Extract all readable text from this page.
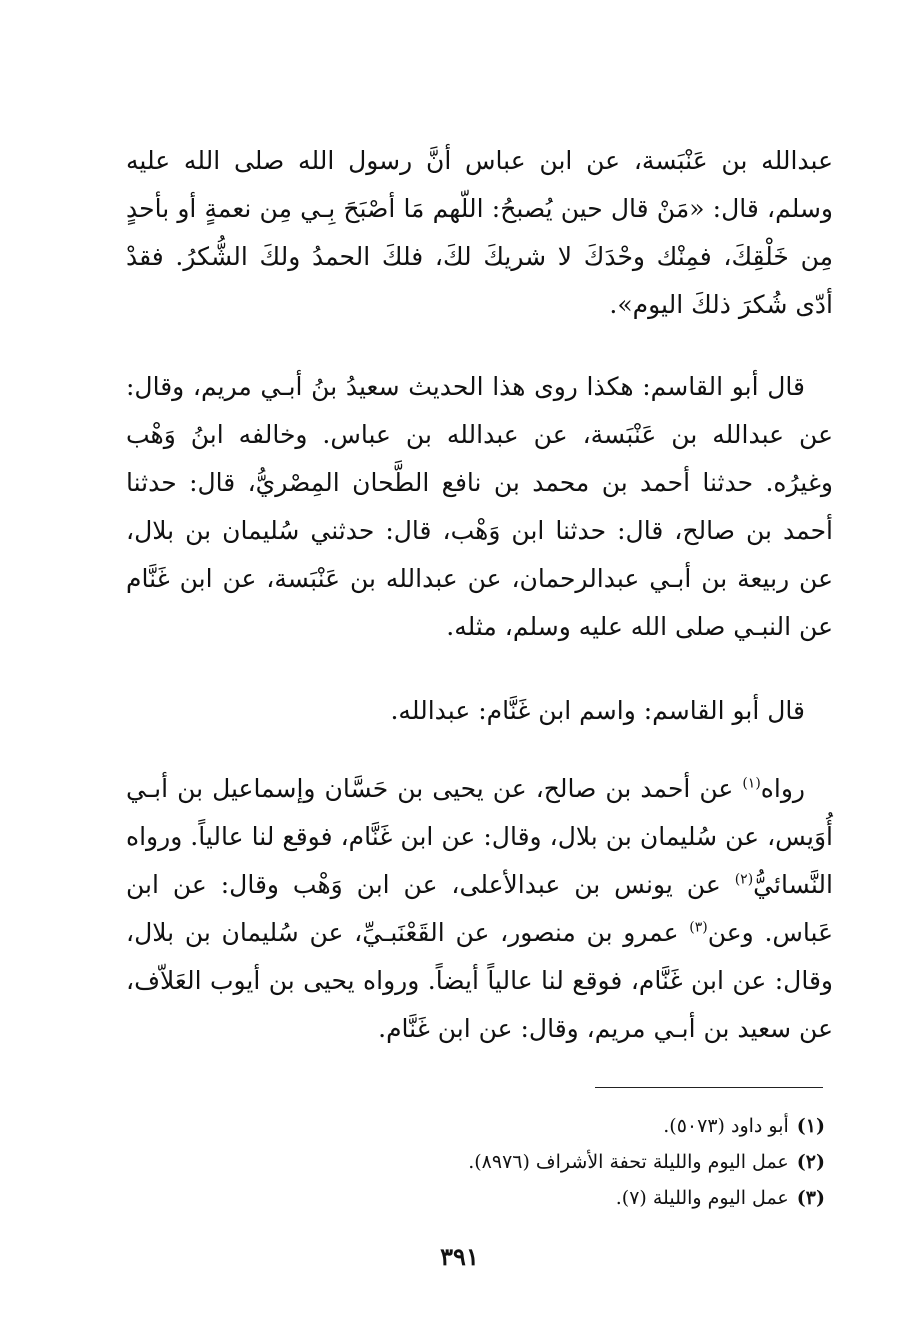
عبدالله بن عَنْبَسة، عن ابن عباس أنَّ رسول الله صلى الله عليه وسلم، قال: «مَنْ قال حين يُصبحُ: اللّهم مَا أصْبَحَ بِـي مِن نعمةٍ أو بأحدٍ مِن خَلْقِكَ، فمِنْك وحْدَكَ لا شريكَ لكَ، فلكَ الحمدُ ولكَ الشُّكرُ. فقدْ أدّى شُكرَ ذلكَ اليوم».

قال أبو القاسم: هكذا روى هذا الحديث سعيدُ بنُ أبـي مريم، وقال: عن عبدالله بن عَنْبَسة، عن عبدالله بن عباس. وخالفه ابنُ وَهْب وغيرُه. حدثنا أحمد بن محمد بن نافع الطَّحان المِصْريُّ، قال: حدثنا أحمد بن صالح، قال: حدثنا ابن وَهْب، قال: حدثني سُليمان بن بلال، عن ربيعة بن أبـي عبدالرحمان، عن عبدالله بن عَنْبَسة، عن ابن غَنَّام عن النبـي صلى الله عليه وسلم، مثله.

قال أبو القاسم: واسم ابن غَنَّام: عبدالله.

رواه$^{(١)}$ عن أحمد بن صالح، عن يحيى بن حَسَّان وإسماعيل بن أبـي أُوَيس، عن سُليمان بن بلال، وقال: عن ابن غَنَّام، فوقع لنا عالياً. ورواه النَّسائيُّ$^{(٢)}$ عن يونس بن عبدالأعلى، عن ابن وَهْب وقال: عن ابن عَباس. وعن$^{(٣)}$ عمرو بن منصور، عن القَعْنَبـيِّ، عن سُليمان بن بلال، وقال: عن ابن غَنَّام، فوقع لنا عالياً أيضاً. ورواه يحيى بن أيوب العَلاّف، عن سعيد بن أبـي مريم، وقال: عن ابن غَنَّام.

(١)أبو داود (٥٠٧٣).
(٢)عمل اليوم والليلة تحفة الأشراف (٨٩٧٦).
(٣)عمل اليوم والليلة (٧).
٣٩١
